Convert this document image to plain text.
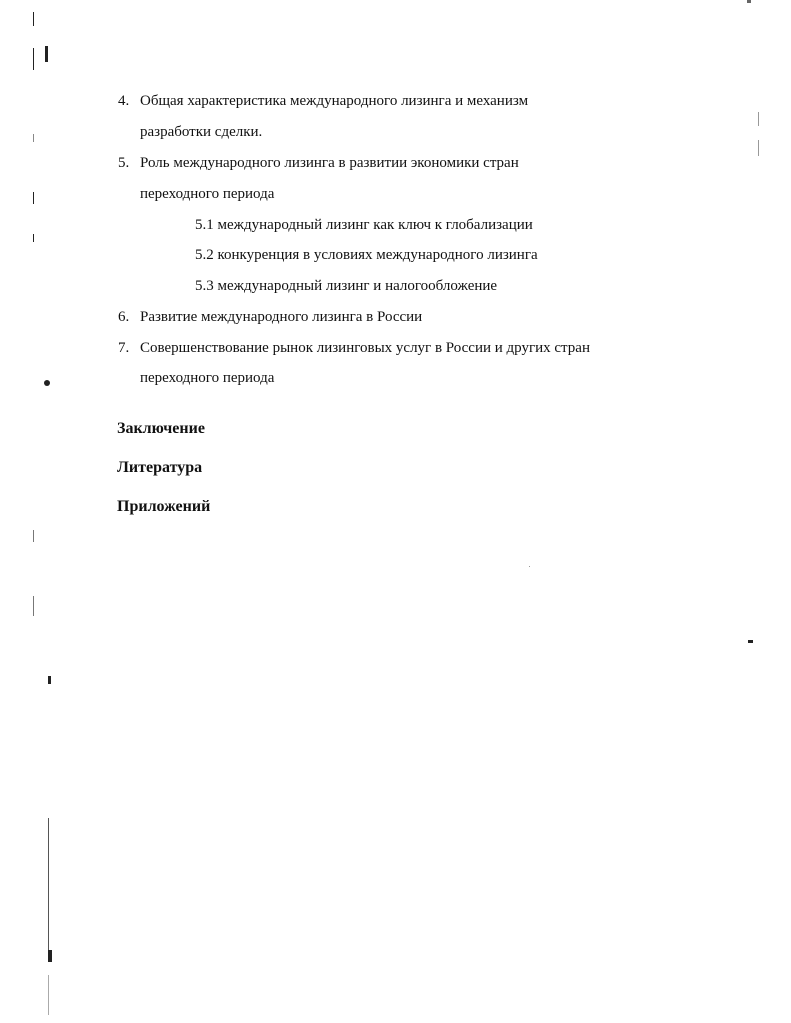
4. Общая характеристика международного лизинга и механизм
разработки сделки.
5. Роль международного лизинга в развитии экономики стран
переходного периода
5.1 международный лизинг как ключ к глобализации
5.2 конкуренция в условиях международного лизинга
5.3 международный лизинг и налогообложение
6. Развитие международного лизинга в России
7. Совершенствование рынок лизинговых услуг в России и других стран
переходного периода
Заключение
Литература
Приложений
